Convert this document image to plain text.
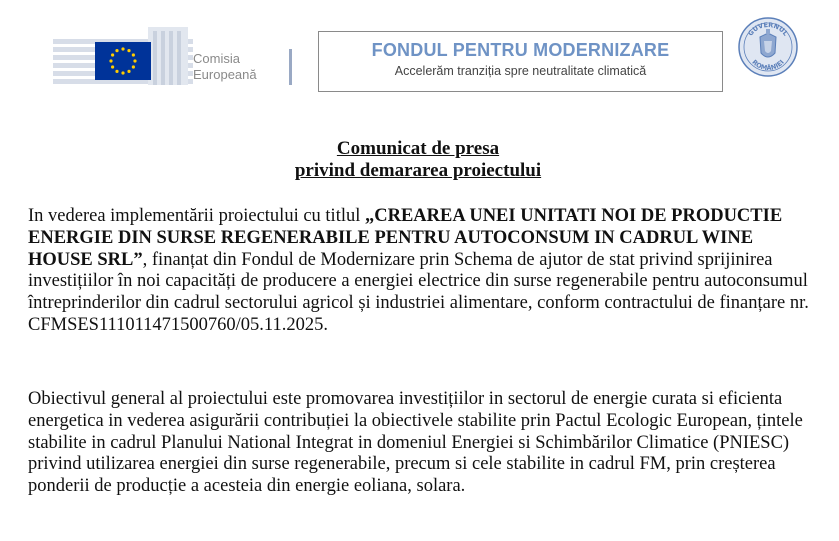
Comisia
Europeană
FONDUL PENTRU MODERNIZARE
Accelerăm tranziția spre neutralitate climatică
GUVERNUL
ROMÂNIEI
Comunicat de presa
privind demararea proiectului

In vederea implementării proiectului cu titlul „CREAREA UNEI UNITATI NOI DE PRODUCTIE ENERGIE DIN SURSE REGENERABILE PENTRU AUTOCONSUM IN CADRUL WINE HOUSE SRL”, finanțat din Fondul de Modernizare prin Schema de ajutor de stat privind sprijinirea investițiilor în noi capacități de producere a energiei electrice din surse regenerabile pentru autoconsumul întreprinderilor din cadrul sectorului agricol și industriei alimentare, conform contractului de finanțare nr. CFMSES111011471500760/05.11.2025.

Obiectivul general al proiectului este promovarea investițiilor in sectorul de energie curata si eficienta energetica in vederea asigurării contribuției la obiectivele stabilite prin Pactul Ecologic European, țintele stabilite in cadrul Planului National Integrat in domeniul Energiei si Schimbărilor Climatice (PNIESC) privind utilizarea energiei din surse regenerabile, precum si cele stabilite in cadrul FM, prin creșterea ponderii de producție a acesteia din energie eoliana, solara.
